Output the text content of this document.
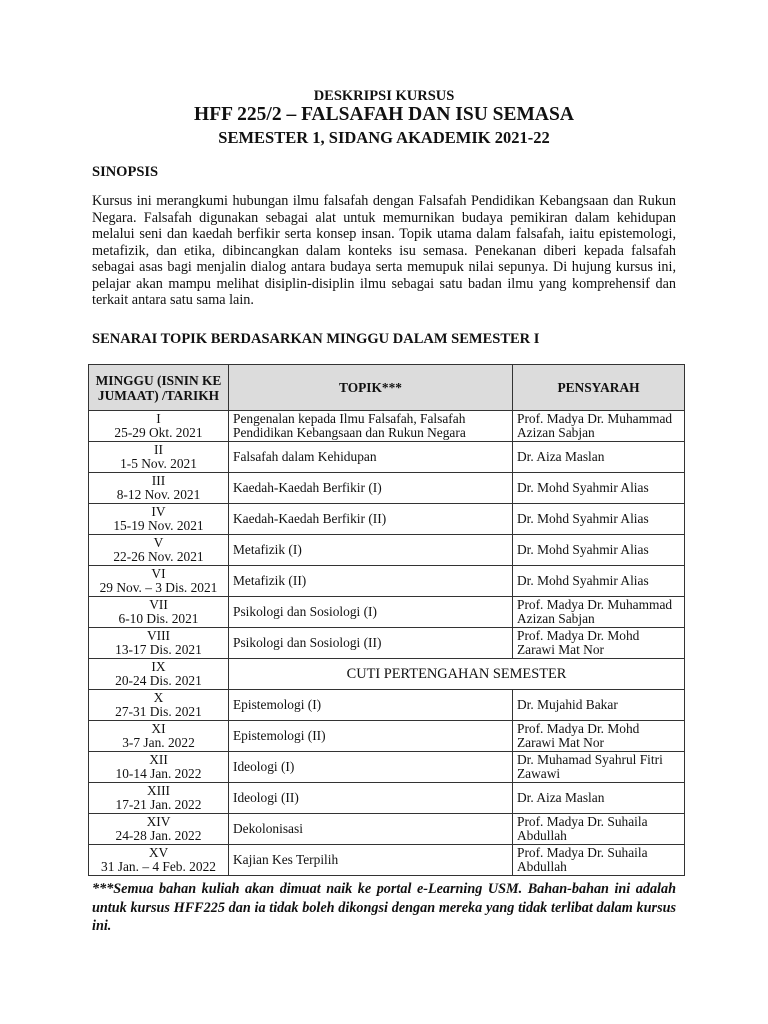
DESKRIPSI KURSUS
HFF 225/2 – FALSAFAH DAN ISU SEMASA
SEMESTER 1, SIDANG AKADEMIK 2021-22
SINOPSIS

Kursus ini merangkumi hubungan ilmu falsafah dengan Falsafah Pendidikan Kebangsaan dan Rukun Negara. Falsafah digunakan sebagai alat untuk memurnikan budaya pemikiran dalam kehidupan melalui seni dan kaedah berfikir serta konsep insan. Topik utama dalam falsafah, iaitu epistemologi, metafizik, dan etika, dibincangkan dalam konteks isu semasa. Penekanan diberi kepada falsafah sebagai asas bagi menjalin dialog antara budaya serta memupuk nilai sepunya. Di hujung kursus ini, pelajar akan mampu melihat disiplin-disiplin ilmu sebagai satu badan ilmu yang komprehensif dan terkait antara satu sama lain.

SENARAI TOPIK BERDASARKAN MINGGU DALAM SEMESTER I
MINGGU (ISNIN KE JUMAAT) /TARIKH	TOPIK***	PENSYARAH

I
25-29 Okt. 2021	Pengenalan kepada Ilmu Falsafah, Falsafah Pendidikan Kebangsaan dan Rukun Negara	Prof. Madya Dr. Muhammad Azizan Sabjan

II
1-5 Nov. 2021	Falsafah dalam Kehidupan	Dr. Aiza Maslan

III
8-12 Nov. 2021	Kaedah-Kaedah Berfikir (I)	Dr. Mohd Syahmir Alias

IV
15-19 Nov. 2021	Kaedah-Kaedah Berfikir (II)	Dr. Mohd Syahmir Alias

V
22-26 Nov. 2021	Metafizik (I)	Dr. Mohd Syahmir Alias

VI
29 Nov. – 3 Dis. 2021	Metafizik (II)	Dr. Mohd Syahmir Alias

VII
6-10 Dis. 2021	Psikologi dan Sosiologi (I)	Prof. Madya Dr. Muhammad Azizan Sabjan

VIII
13-17 Dis. 2021	Psikologi dan Sosiologi (II)	Prof. Madya Dr. Mohd Zarawi Mat Nor

IX
20-24 Dis. 2021	CUTI PERTENGAHAN SEMESTER	

X
27-31 Dis. 2021	Epistemologi (I)	Dr. Mujahid Bakar

XI
3-7 Jan. 2022	Epistemologi (II)	Prof. Madya Dr. Mohd Zarawi Mat Nor

XII
10-14 Jan. 2022	Ideologi (I)	Dr. Muhamad Syahrul Fitri Zawawi

XIII
17-21 Jan. 2022	Ideologi (II)	Dr. Aiza Maslan

XIV
24-28 Jan. 2022	Dekolonisasi	Prof. Madya Dr. Suhaila Abdullah

XV
31 Jan. – 4 Feb. 2022	Kajian Kes Terpilih	Prof. Madya Dr. Suhaila Abdullah

***Semua bahan kuliah akan dimuat naik ke portal e-Learning USM. Bahan-bahan ini adalah untuk kursus HFF225 dan ia tidak boleh dikongsi dengan mereka yang tidak terlibat dalam kursus ini.
